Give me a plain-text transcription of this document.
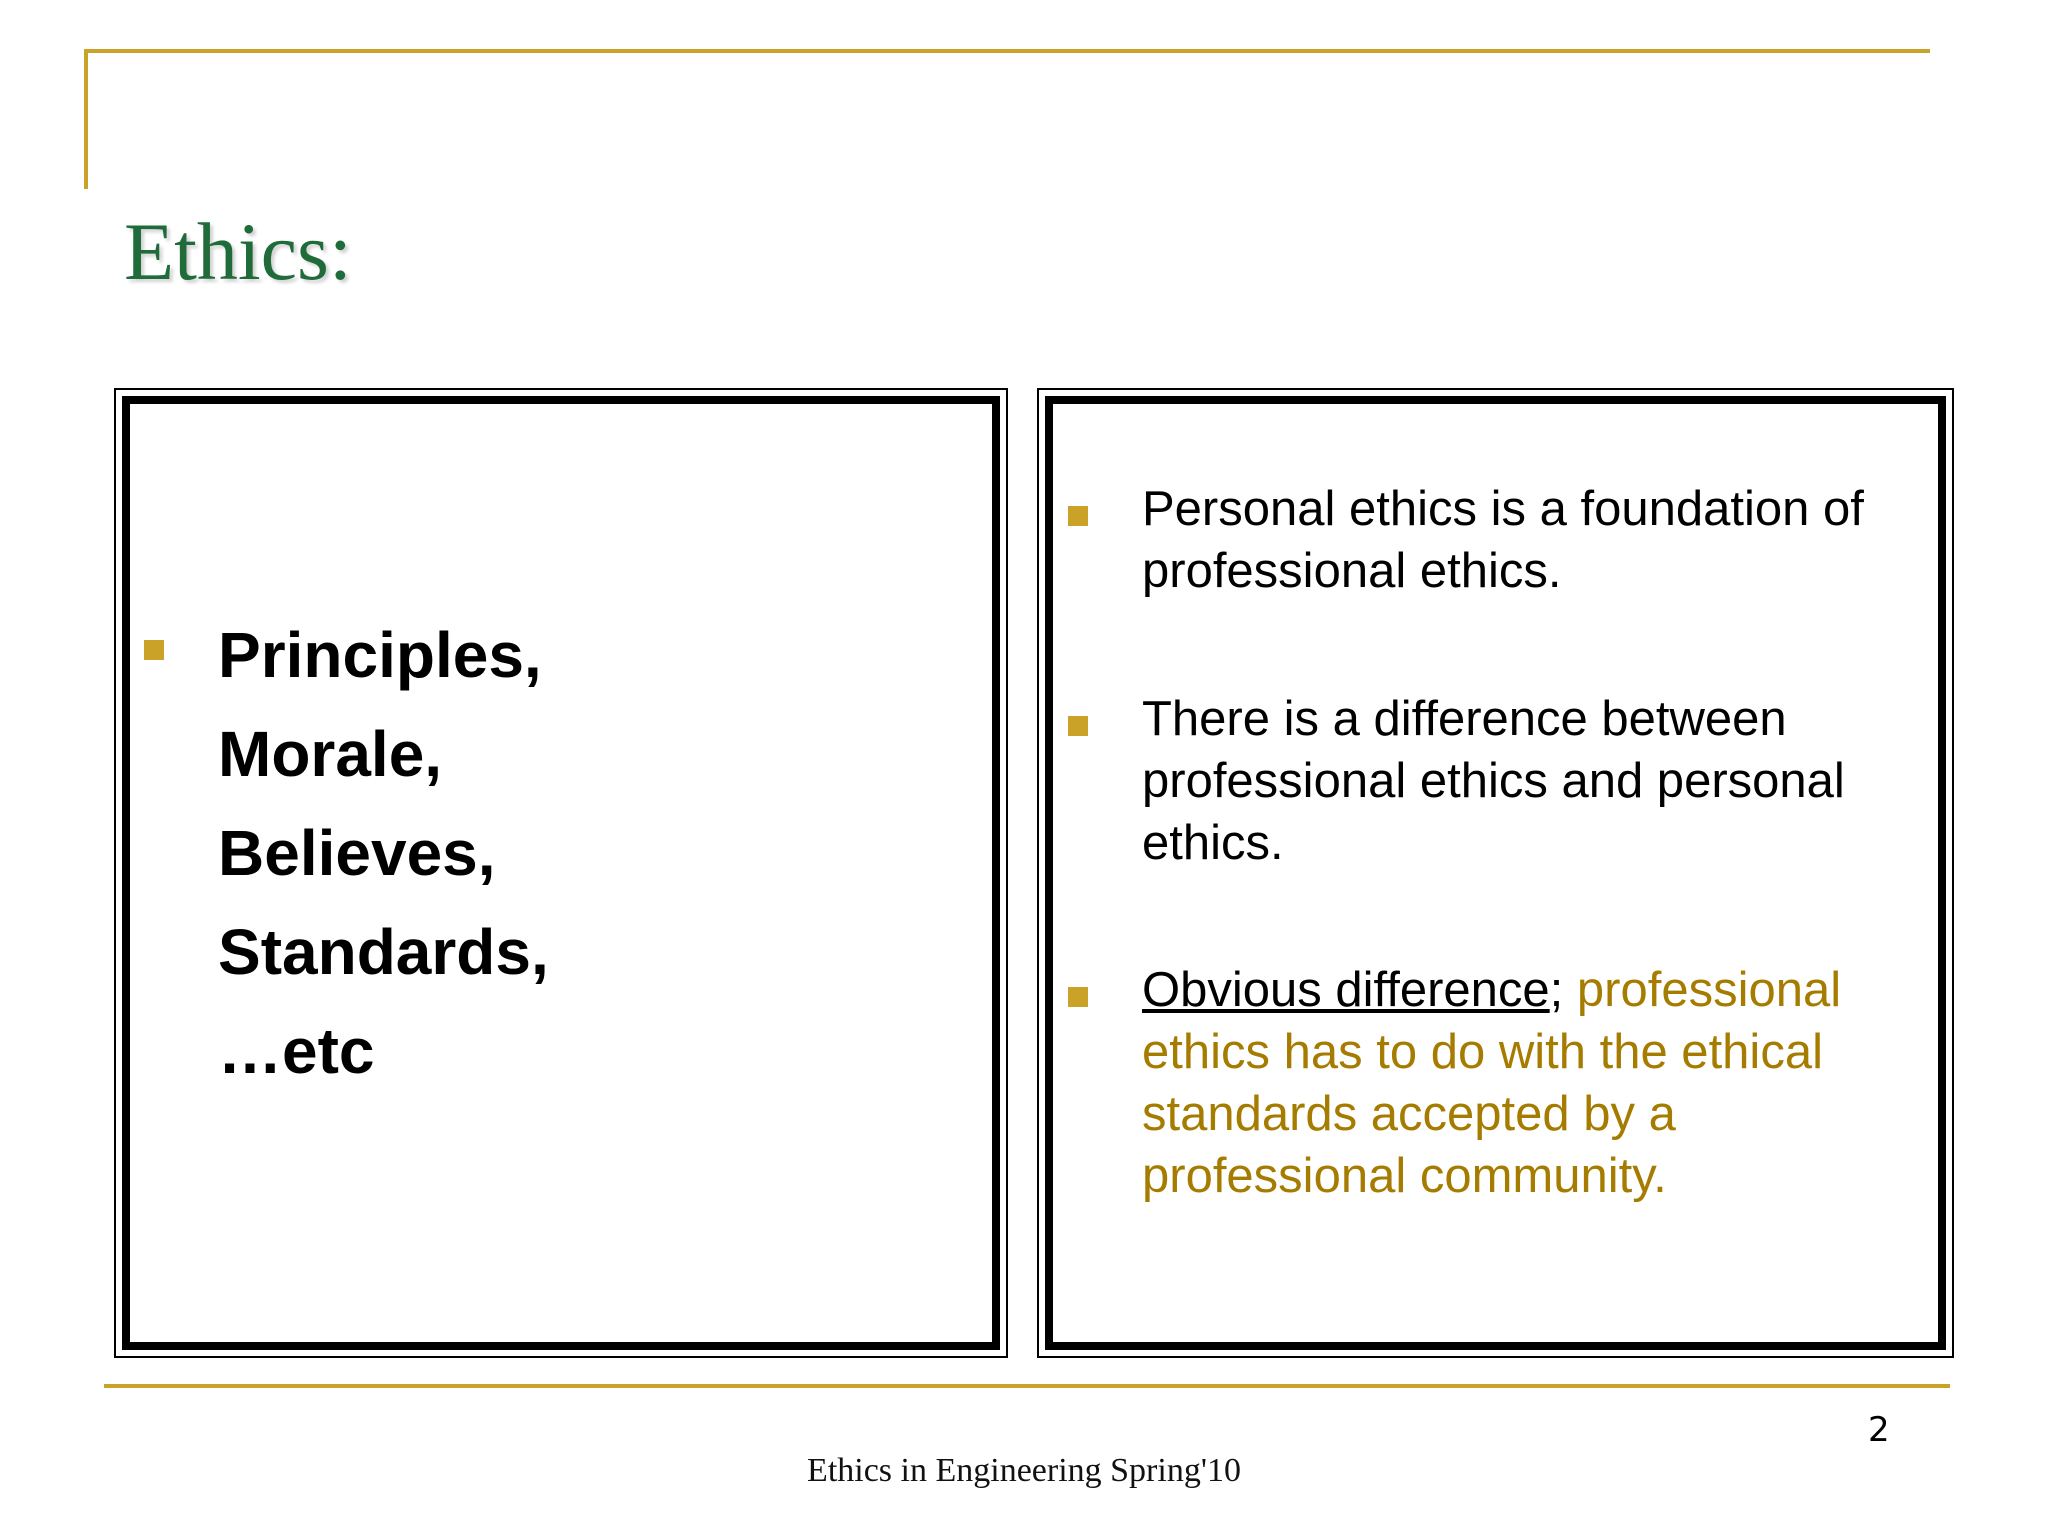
Ethics:
Principles,
Morale,
Believes,
Standards,
…etc
Personal ethics is a foundation of professional ethics.
There is a difference between professional ethics and personal ethics.
Obvious difference; professional ethics has to do with the ethical standards accepted by a professional community.
2
Ethics in Engineering Spring'10
